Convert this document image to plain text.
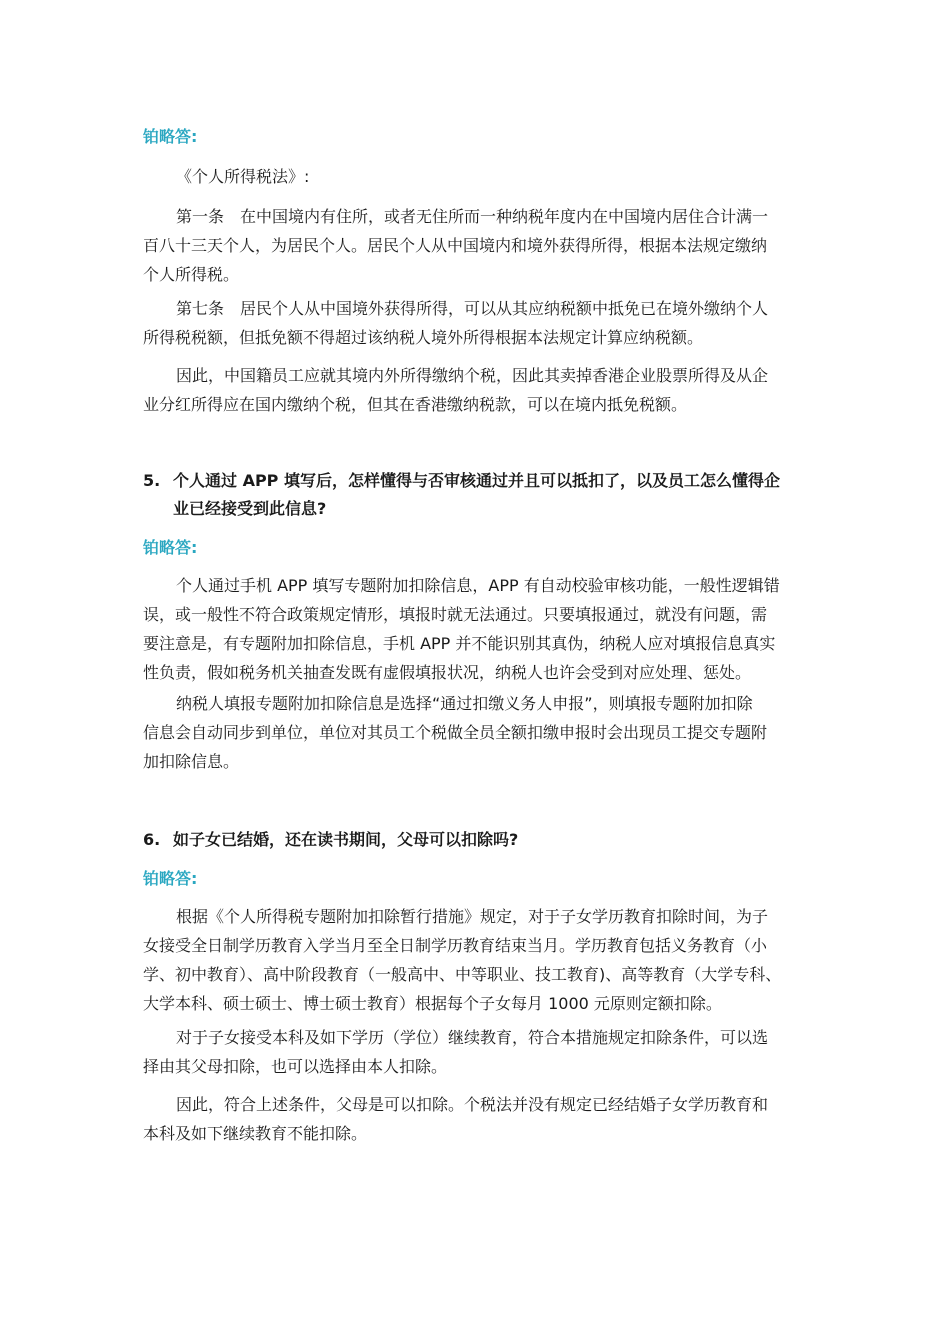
铂略答:
《个人所得税法》:
第一条　在中国境内有住所，或者无住所而一种纳税年度内在中国境内居住合计满一
百八十三天个人，为居民个人。居民个人从中国境内和境外获得所得，根据本法规定缴纳
个人所得税。
第七条　居民个人从中国境外获得所得，可以从其应纳税额中抵免已在境外缴纳个人
所得税税额，但抵免额不得超过该纳税人境外所得根据本法规定计算应纳税额。
因此，中国籍员工应就其境内外所得缴纳个税，因此其卖掉香港企业股票所得及从企
业分红所得应在国内缴纳个税，但其在香港缴纳税款，可以在境内抵免税额。
5. 个人通过 APP 填写后，怎样懂得与否审核通过并且可以抵扣了，以及员工怎么懂得企
业已经接受到此信息?
铂略答:
个人通过手机 APP 填写专题附加扣除信息，APP 有自动校验审核功能，一般性逻辑错
误，或一般性不符合政策规定情形，填报时就无法通过。只要填报通过，就没有问题，需
要注意是，有专题附加扣除信息，手机 APP 并不能识别其真伪，纳税人应对填报信息真实
性负责，假如税务机关抽查发既有虚假填报状况，纳税人也许会受到对应处理、惩处。
纳税人填报专题附加扣除信息是选择“通过扣缴义务人申报”，则填报专题附加扣除
信息会自动同步到单位，单位对其员工个税做全员全额扣缴申报时会出现员工提交专题附
加扣除信息。
6. 如子女已结婚，还在读书期间，父母可以扣除吗?
铂略答:
根据《个人所得税专题附加扣除暂行措施》规定，对于子女学历教育扣除时间，为子
女接受全日制学历教育入学当月至全日制学历教育结束当月。学历教育包括义务教育（小
学、初中教育）、高中阶段教育（一般高中、中等职业、技工教育)、高等教育（大学专科、
大学本科、硕士硕士、博士硕士教育）根据每个子女每月 1000 元原则定额扣除。
对于子女接受本科及如下学历（学位）继续教育，符合本措施规定扣除条件，可以选
择由其父母扣除，也可以选择由本人扣除。
因此，符合上述条件，父母是可以扣除。个税法并没有规定已经结婚子女学历教育和
本科及如下继续教育不能扣除。
